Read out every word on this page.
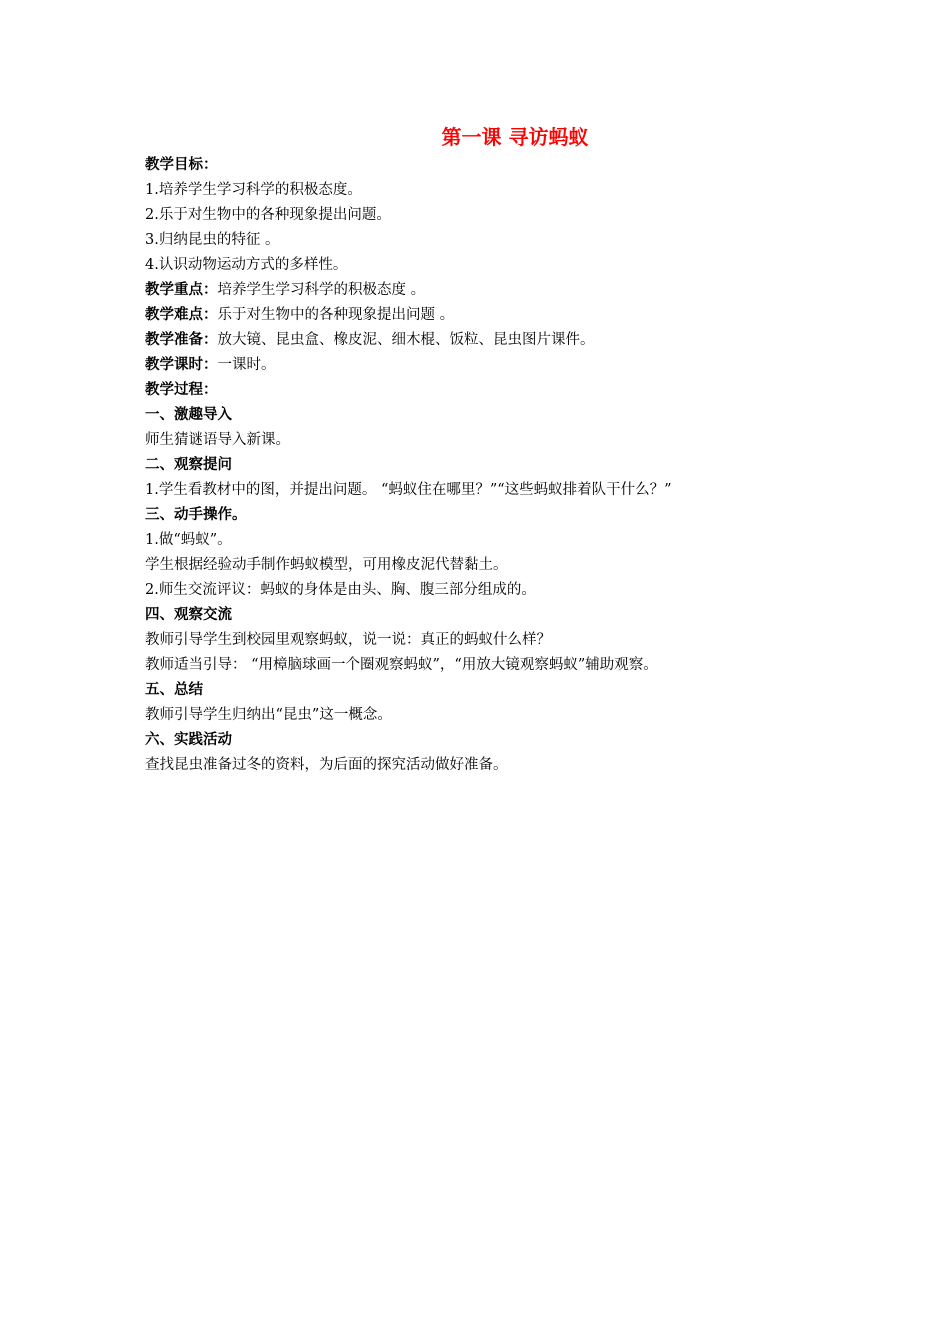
第一课 寻访蚂蚁
教学目标：
1.培养学生学习科学的积极态度。
2.乐于对生物中的各种现象提出问题。
3.归纳昆虫的特征 。
4.认识动物运动方式的多样性。
教学重点：培养学生学习科学的积极态度 。
教学难点：乐于对生物中的各种现象提出问题 。
教学准备：放大镜、昆虫盒、橡皮泥、细木棍、饭粒、昆虫图片课件。
教学课时：一课时。
教学过程：
一、激趣导入
师生猜谜语导入新课。
二、观察提问
1.学生看教材中的图，并提出问题。 “蚂蚁住在哪里？”“这些蚂蚁排着队干什么？”
三、动手操作。
1.做“蚂蚁”。
学生根据经验动手制作蚂蚁模型，可用橡皮泥代替黏土。
2.师生交流评议：蚂蚁的身体是由头、胸、腹三部分组成的。
四、观察交流
教师引导学生到校园里观察蚂蚁，说一说：真正的蚂蚁什么样？
教师适当引导： “用樟脑球画一个圈观察蚂蚁”，“用放大镜观察蚂蚁”辅助观察。
五、总结
教师引导学生归纳出“昆虫”这一概念。
六、实践活动
查找昆虫准备过冬的资料，为后面的探究活动做好准备。
